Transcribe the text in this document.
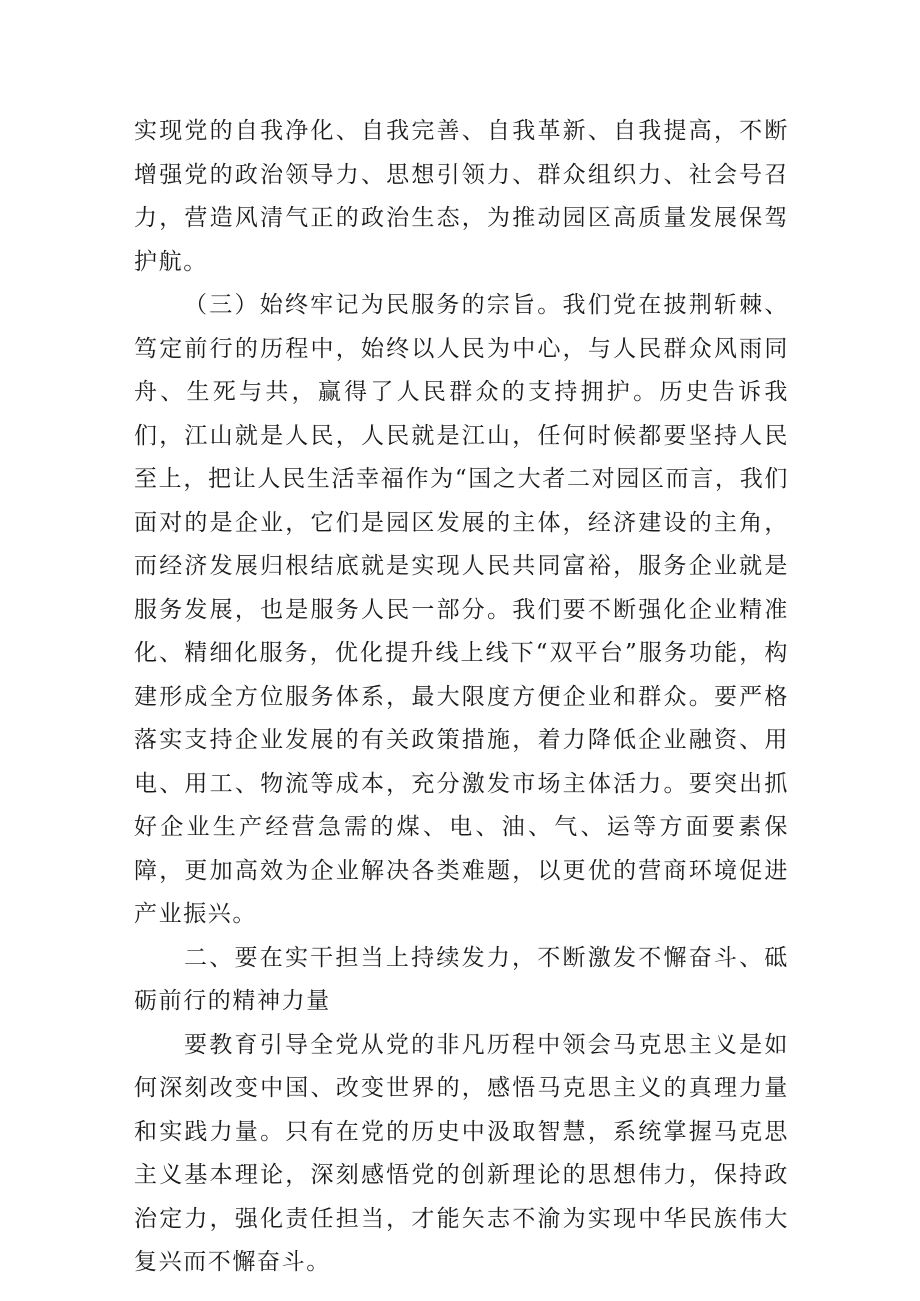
实现党的自我净化、自我完善、自我革新、自我提高，不断增强党的政治领导力、思想引领力、群众组织力、社会号召力，营造风清气正的政治生态，为推动园区高质量发展保驾护航。

（三）始终牢记为民服务的宗旨。我们党在披荆斩棘、笃定前行的历程中，始终以人民为中心，与人民群众风雨同舟、生死与共，赢得了人民群众的支持拥护。历史告诉我们，江山就是人民，人民就是江山，任何时候都要坚持人民至上，把让人民生活幸福作为“国之大者二对园区而言，我们面对的是企业，它们是园区发展的主体，经济建设的主角，而经济发展归根结底就是实现人民共同富裕，服务企业就是服务发展，也是服务人民一部分。我们要不断强化企业精准化、精细化服务，优化提升线上线下“双平台”服务功能，构建形成全方位服务体系，最大限度方便企业和群众。要严格落实支持企业发展的有关政策措施，着力降低企业融资、用电、用工、物流等成本，充分激发市场主体活力。要突出抓好企业生产经营急需的煤、电、油、气、运等方面要素保障，更加高效为企业解决各类难题，以更优的营商环境促进产业振兴。

二、要在实干担当上持续发力，不断激发不懈奋斗、砥砺前行的精神力量

要教育引导全党从党的非凡历程中领会马克思主义是如何深刻改变中国、改变世界的，感悟马克思主义的真理力量和实践力量。只有在党的历史中汲取智慧，系统掌握马克思主义基本理论，深刻感悟党的创新理论的思想伟力，保持政治定力，强化责任担当，才能矢志不渝为实现中华民族伟大复兴而不懈奋斗。
